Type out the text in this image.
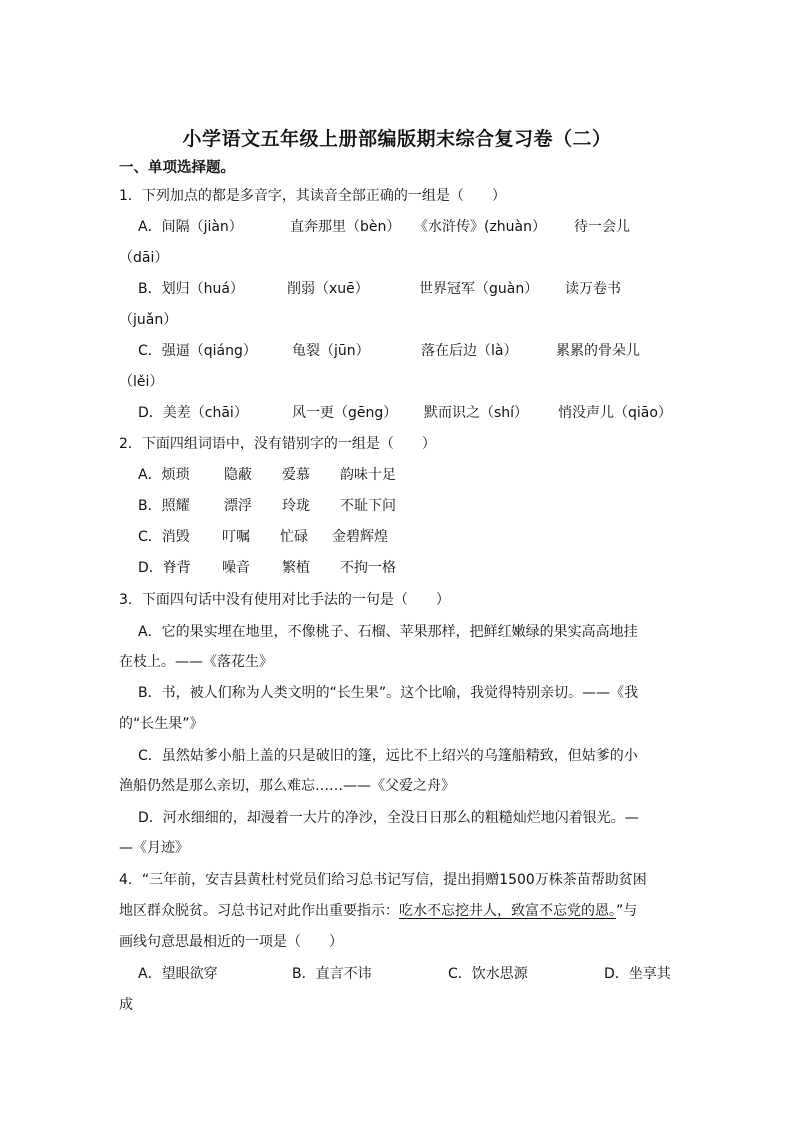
小学语文五年级上册部编版期末综合复习卷（二）
一、单项选择题。
1．下列加点的都是多音字，其读音全部正确的一组是（　　）
A．间隔（jiàn）	直奔那里（bèn） 《水浒传》(zhuàn） 待一会儿
（dāi）
B．划归（huá）	削弱（xuē）	世界冠军（guàn） 读万卷书
（juǎn）
C．强逼（qiáng）	龟裂（jūn）	落在后边（là）	累累的骨朵儿
（lěi）
D．美差（chāi）	风一更（gēng） 默而识之（shí） 悄没声儿（qiāo）
2．下面四组词语中，没有错别字的一组是（　　）
A．烦琐 隐蔽 爱慕 韵味十足
B．照耀 漂浮 玲珑 不耻下问
C．消毁 叮嘱 忙碌 金碧辉煌
D．脊背 噪音 繁植 不拘一格
3．下面四句话中没有使用对比手法的一句是（　　）
A．它的果实埋在地里，不像桃子、石榴、苹果那样，把鲜红嫩绿的果实高高地挂
在枝上。——《落花生》
B．书，被人们称为人类文明的“长生果”。这个比喻，我觉得特别亲切。——《我
的“长生果”》
C．虽然姑爹小船上盖的只是破旧的篷，远比不上绍兴的乌篷船精致，但姑爹的小
渔船仍然是那么亲切，那么难忘……——《父爱之舟》
D．河水细细的，却漫着一大片的净沙，全没日日那么的粗糙灿烂地闪着银光。—
—《月迹》
4．“三年前，安吉县黄杜村党员们给习总书记写信，提出捐赠1500万株茶苗帮助贫困
地区群众脱贫。习总书记对此作出重要指示：吃水不忘挖井人，致富不忘党的恩。”与
画线句意思最相近的一项是（　　）
A．望眼欲穿	B．直言不讳	C．饮水思源	D．坐享其
成
